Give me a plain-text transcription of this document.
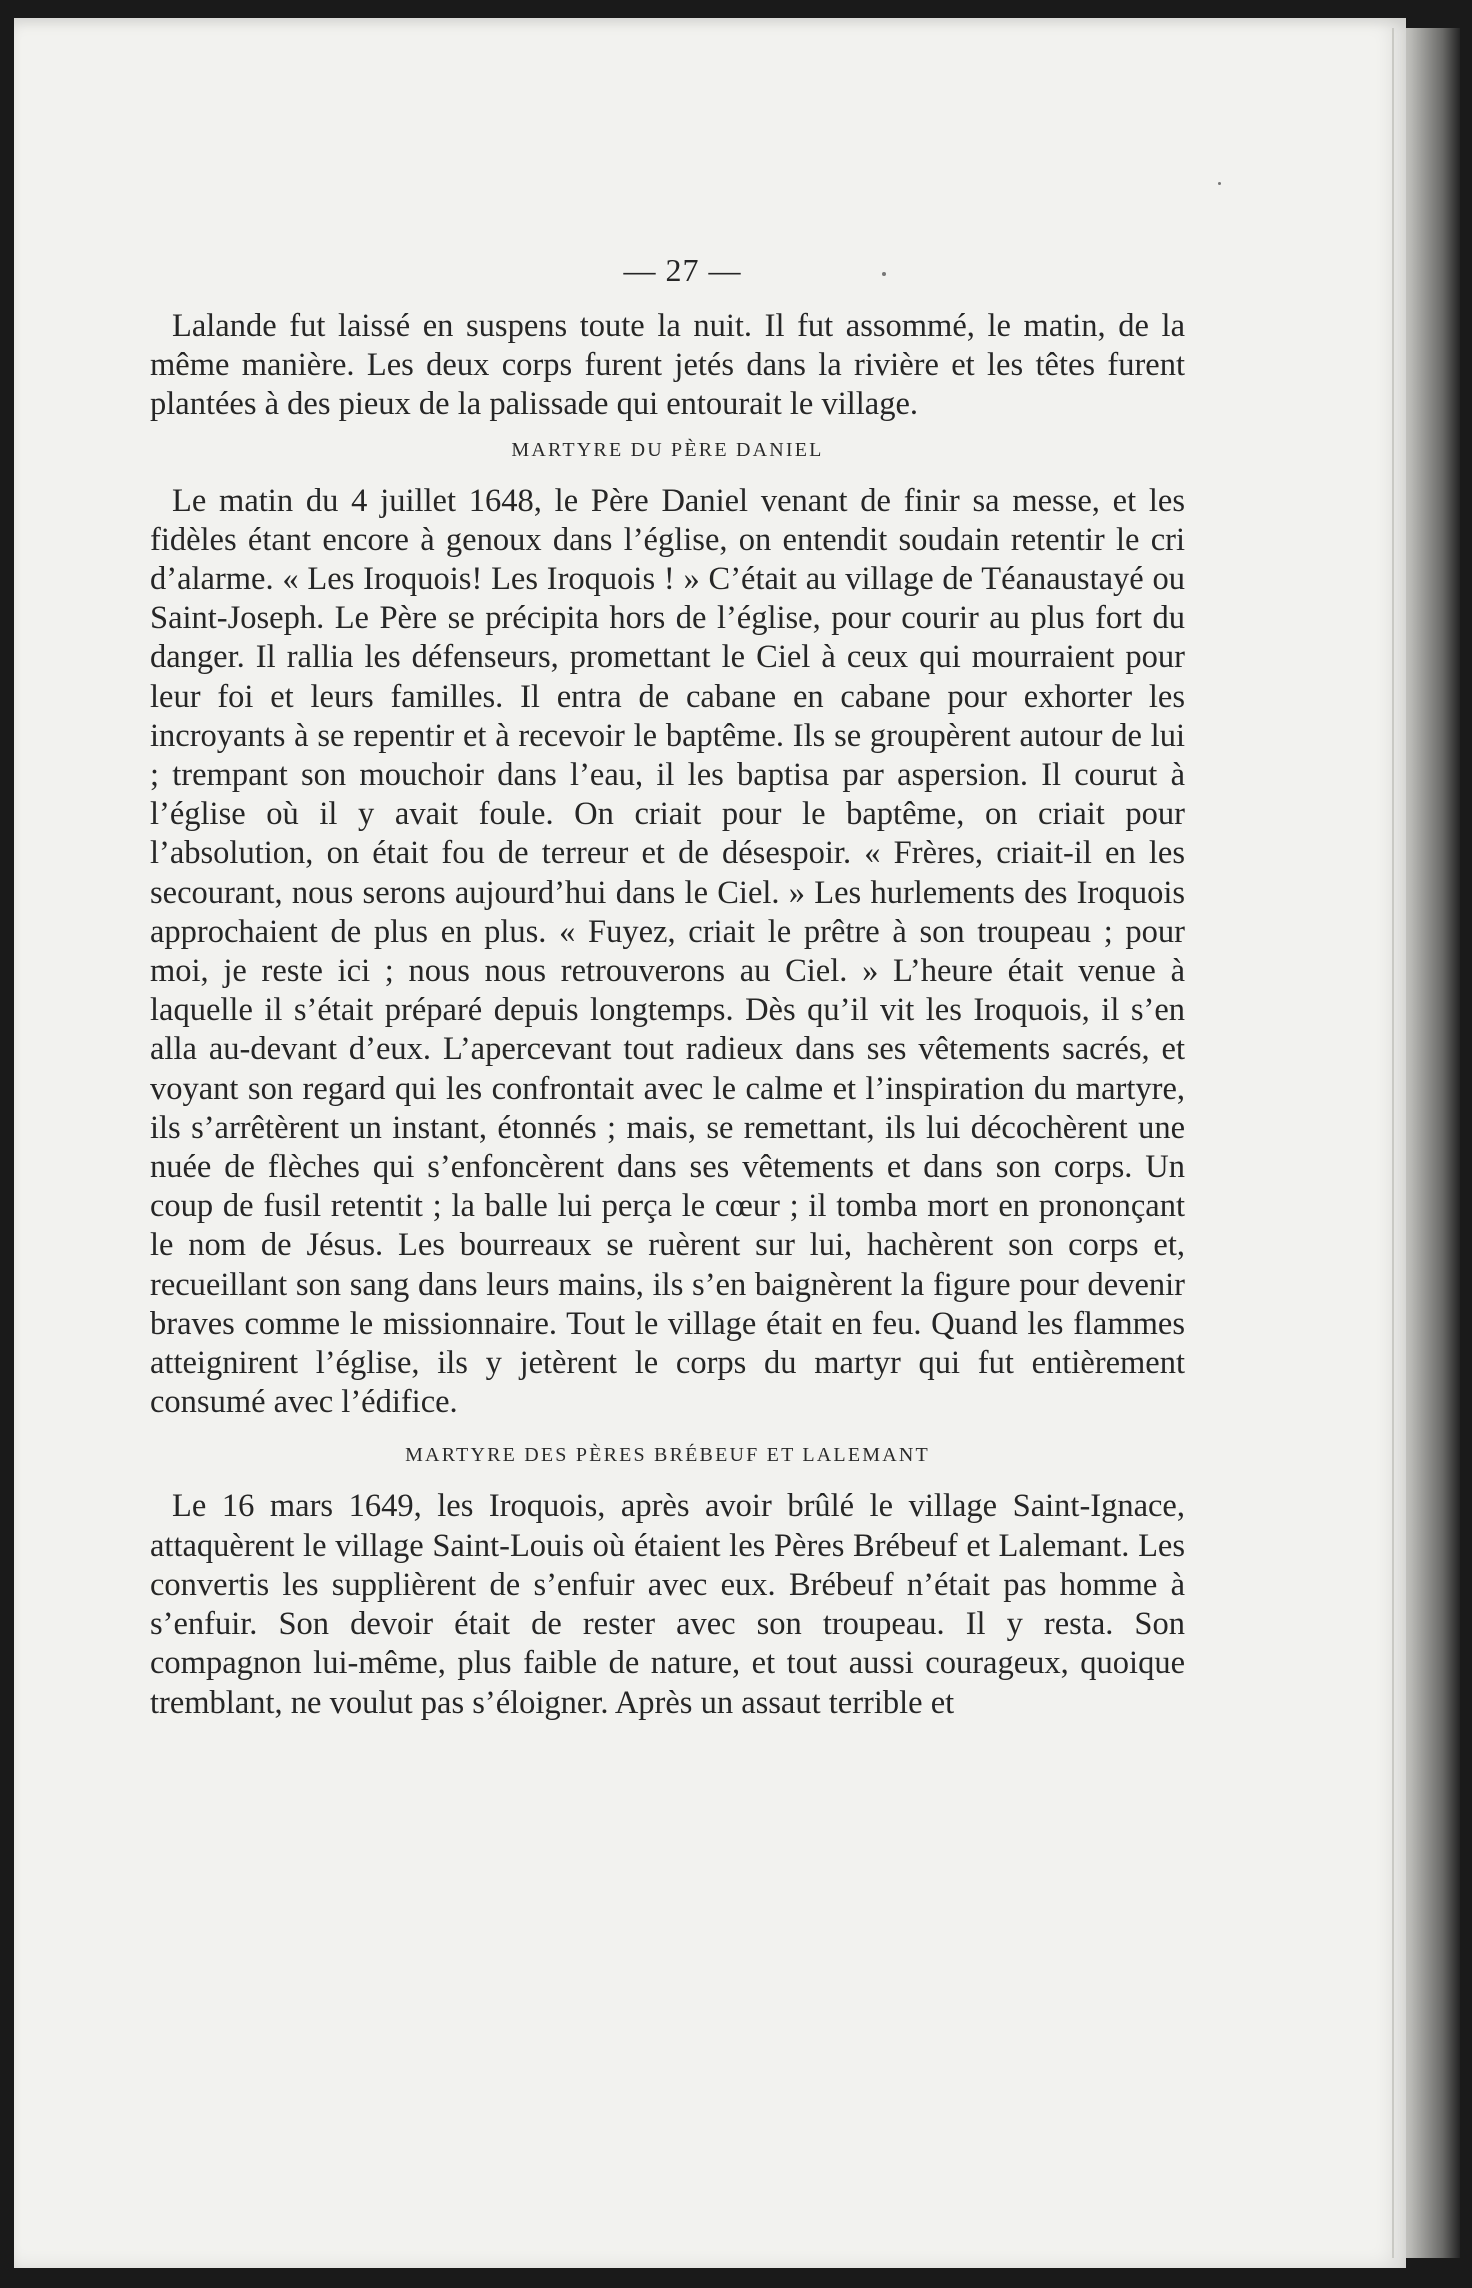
— 27 —

Lalande fut laissé en suspens toute la nuit. Il fut assommé, le matin, de la même manière. Les deux corps furent jetés dans la rivière et les têtes furent plantées à des pieux de la palissade qui entourait le village.

MARTYRE DU PÈRE DANIEL

Le matin du 4 juillet 1648, le Père Daniel venant de finir sa messe, et les fidèles étant encore à genoux dans l’église, on entendit soudain retentir le cri d’alarme. « Les Iroquois! Les Iroquois ! » C’était au village de Téanaustayé ou Saint-Joseph. Le Père se précipita hors de l’église, pour courir au plus fort du danger. Il rallia les défenseurs, promettant le Ciel à ceux qui mourraient pour leur foi et leurs familles. Il entra de cabane en cabane pour exhorter les incroyants à se repentir et à recevoir le baptême. Ils se groupèrent autour de lui ; trempant son mouchoir dans l’eau, il les baptisa par aspersion. Il courut à l’église où il y avait foule. On criait pour le baptême, on criait pour l’absolution, on était fou de terreur et de désespoir. « Frères, criait-il en les secourant, nous serons aujourd’hui dans le Ciel. » Les hurlements des Iroquois approchaient de plus en plus. « Fuyez, criait le prêtre à son troupeau ; pour moi, je reste ici ; nous nous retrouverons au Ciel. » L’heure était venue à laquelle il s’était préparé depuis longtemps. Dès qu’il vit les Iroquois, il s’en alla au-devant d’eux. L’apercevant tout radieux dans ses vêtements sacrés, et voyant son regard qui les confrontait avec le calme et l’inspiration du martyre, ils s’arrêtèrent un instant, étonnés ; mais, se remettant, ils lui décochèrent une nuée de flèches qui s’enfoncèrent dans ses vêtements et dans son corps. Un coup de fusil retentit ; la balle lui perça le cœur ; il tomba mort en prononçant le nom de Jésus. Les bourreaux se ruèrent sur lui, hachèrent son corps et, recueillant son sang dans leurs mains, ils s’en baignèrent la figure pour devenir braves comme le missionnaire. Tout le village était en feu. Quand les flammes atteignirent l’église, ils y jetèrent le corps du martyr qui fut entièrement consumé avec l’édifice.

MARTYRE DES PÈRES BRÉBEUF ET LALEMANT

Le 16 mars 1649, les Iroquois, après avoir brûlé le village Saint-Ignace, attaquèrent le village Saint-Louis où étaient les Pères Brébeuf et Lalemant. Les convertis les supplièrent de s’enfuir avec eux. Brébeuf n’était pas homme à s’enfuir. Son devoir était de rester avec son troupeau. Il y resta. Son compagnon lui-même, plus faible de nature, et tout aussi courageux, quoique tremblant, ne voulut pas s’éloigner. Après un assaut terrible et
